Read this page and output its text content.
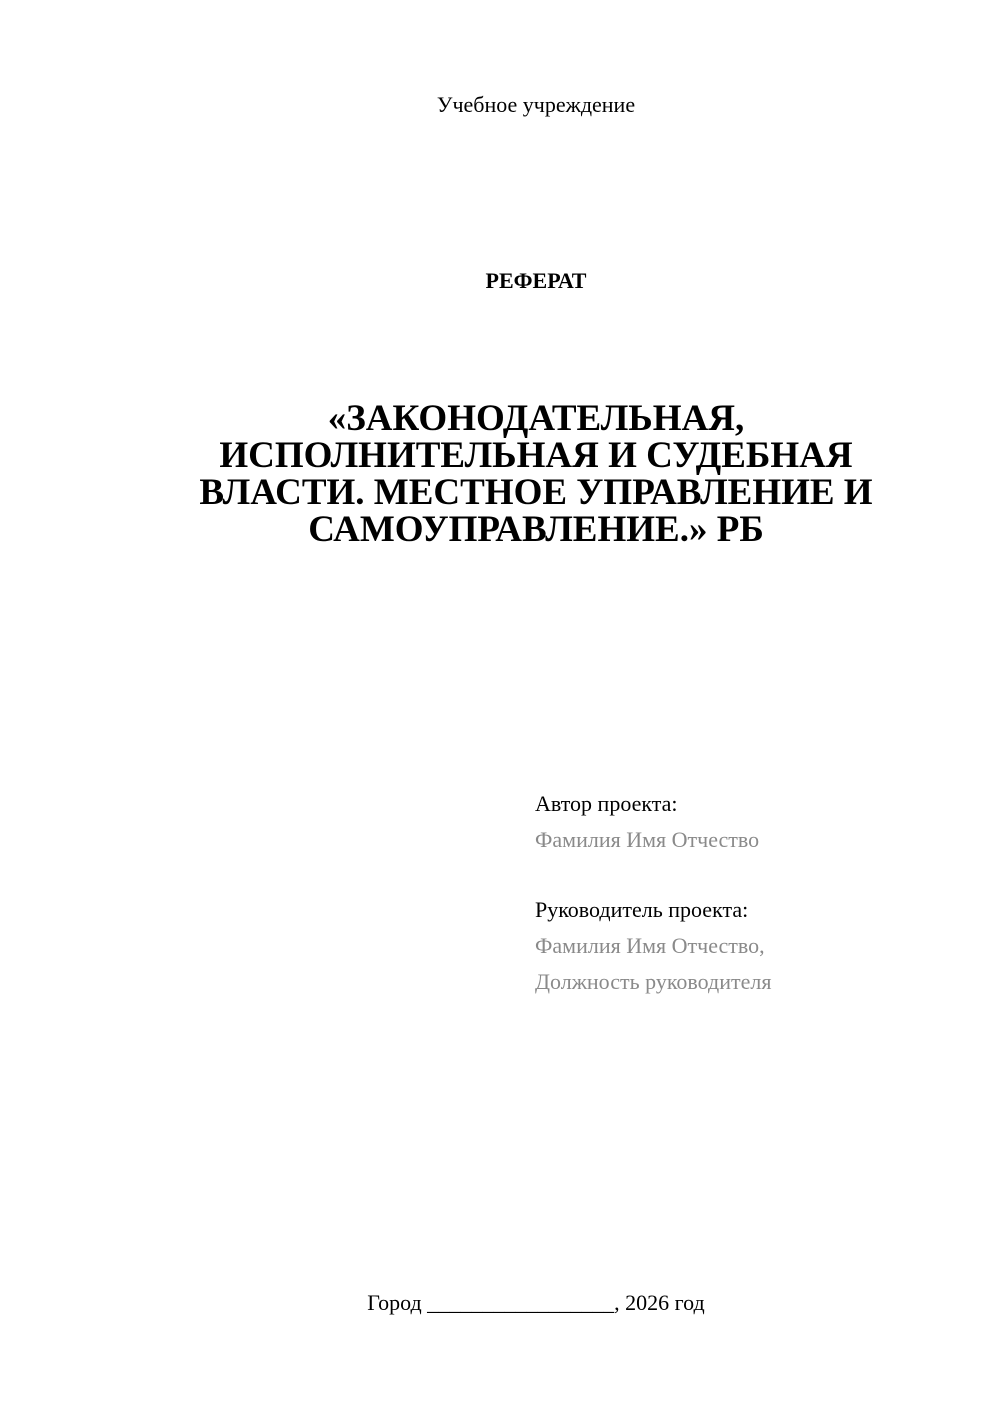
Учебное учреждение
РЕФЕРАТ
«ЗАКОНОДАТЕЛЬНАЯ,
ИСПОЛНИТЕЛЬНАЯ И СУДЕБНАЯ
ВЛАСТИ. МЕСТНОЕ УПРАВЛЕНИЕ И
САМОУПРАВЛЕНИЕ.» РБ
Автор проекта:
Фамилия Имя Отчество
Руководитель проекта:
Фамилия Имя Отчество,
Должность руководителя
Город _________________, 2026 год
